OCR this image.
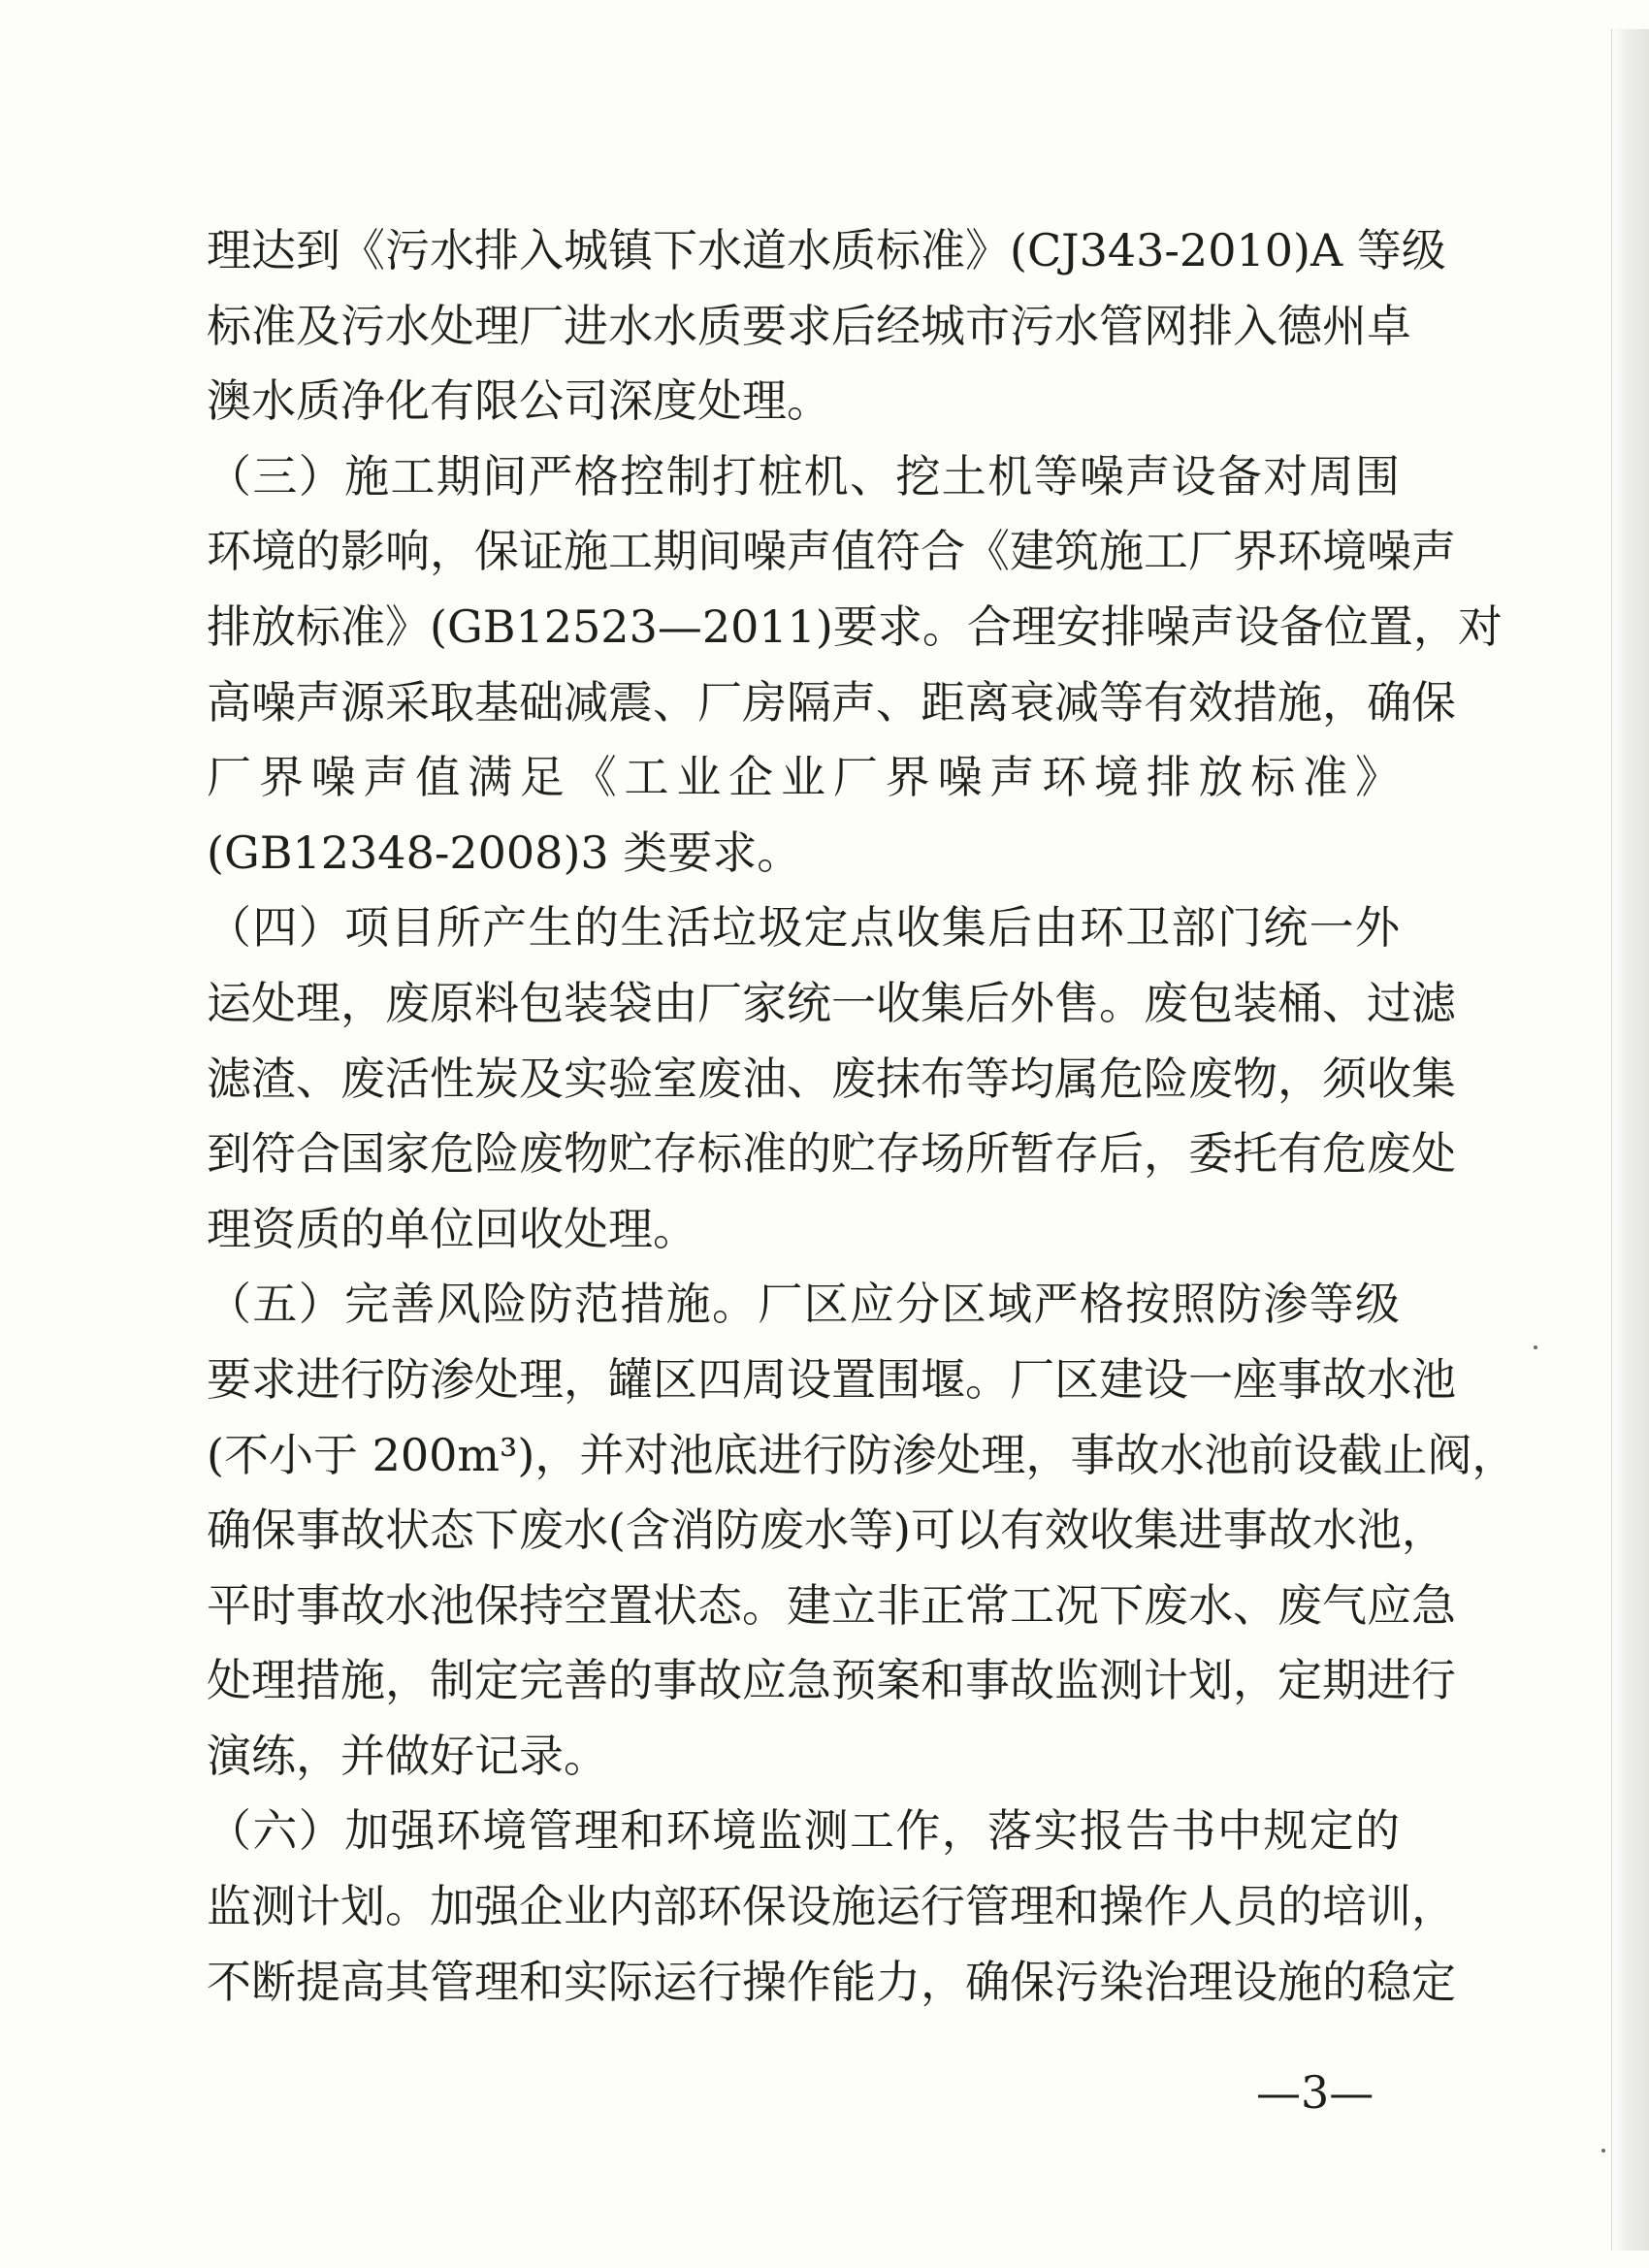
理达到《污水排入城镇下水道水质标准》(CJ343-2010)A 等级
标准及污水处理厂进水水质要求后经城市污水管网排入德州卓
澳水质净化有限公司深度处理。
（三）施工期间严格控制打桩机、挖土机等噪声设备对周围
环境的影响，保证施工期间噪声值符合《建筑施工厂界环境噪声
排放标准》(GB12523—2011)要求。合理安排噪声设备位置，对
高噪声源采取基础减震、厂房隔声、距离衰减等有效措施，确保
厂界噪声值满足《工业企业厂界噪声环境排放标准》
(GB12348-2008)3 类要求。
（四）项目所产生的生活垃圾定点收集后由环卫部门统一外
运处理，废原料包装袋由厂家统一收集后外售。废包装桶、过滤
滤渣、废活性炭及实验室废油、废抹布等均属危险废物，须收集
到符合国家危险废物贮存标准的贮存场所暂存后，委托有危废处
理资质的单位回收处理。
（五）完善风险防范措施。厂区应分区域严格按照防渗等级
要求进行防渗处理，罐区四周设置围堰。厂区建设一座事故水池
(不小于 200m³)，并对池底进行防渗处理，事故水池前设截止阀，
确保事故状态下废水(含消防废水等)可以有效收集进事故水池，
平时事故水池保持空置状态。建立非正常工况下废水、废气应急
处理措施，制定完善的事故应急预案和事故监测计划，定期进行
演练，并做好记录。
（六）加强环境管理和环境监测工作，落实报告书中规定的
监测计划。加强企业内部环保设施运行管理和操作人员的培训，
不断提高其管理和实际运行操作能力，确保污染治理设施的稳定
—3—
